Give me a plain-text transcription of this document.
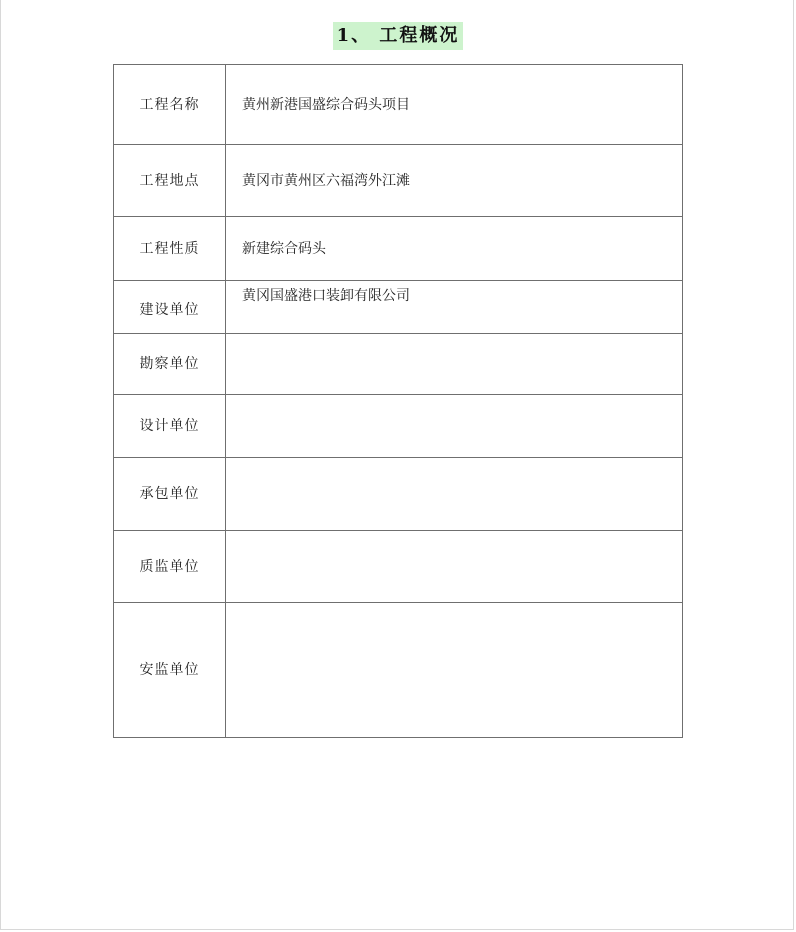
1、 工程概况
工程名称	黄州新港国盛综合码头项目
工程地点	黄冈市黄州区六福湾外江滩
工程性质	新建综合码头
建设单位	黄冈国盛港口装卸有限公司
勘察单位	
设计单位	
承包单位	
质监单位	
安监单位	
